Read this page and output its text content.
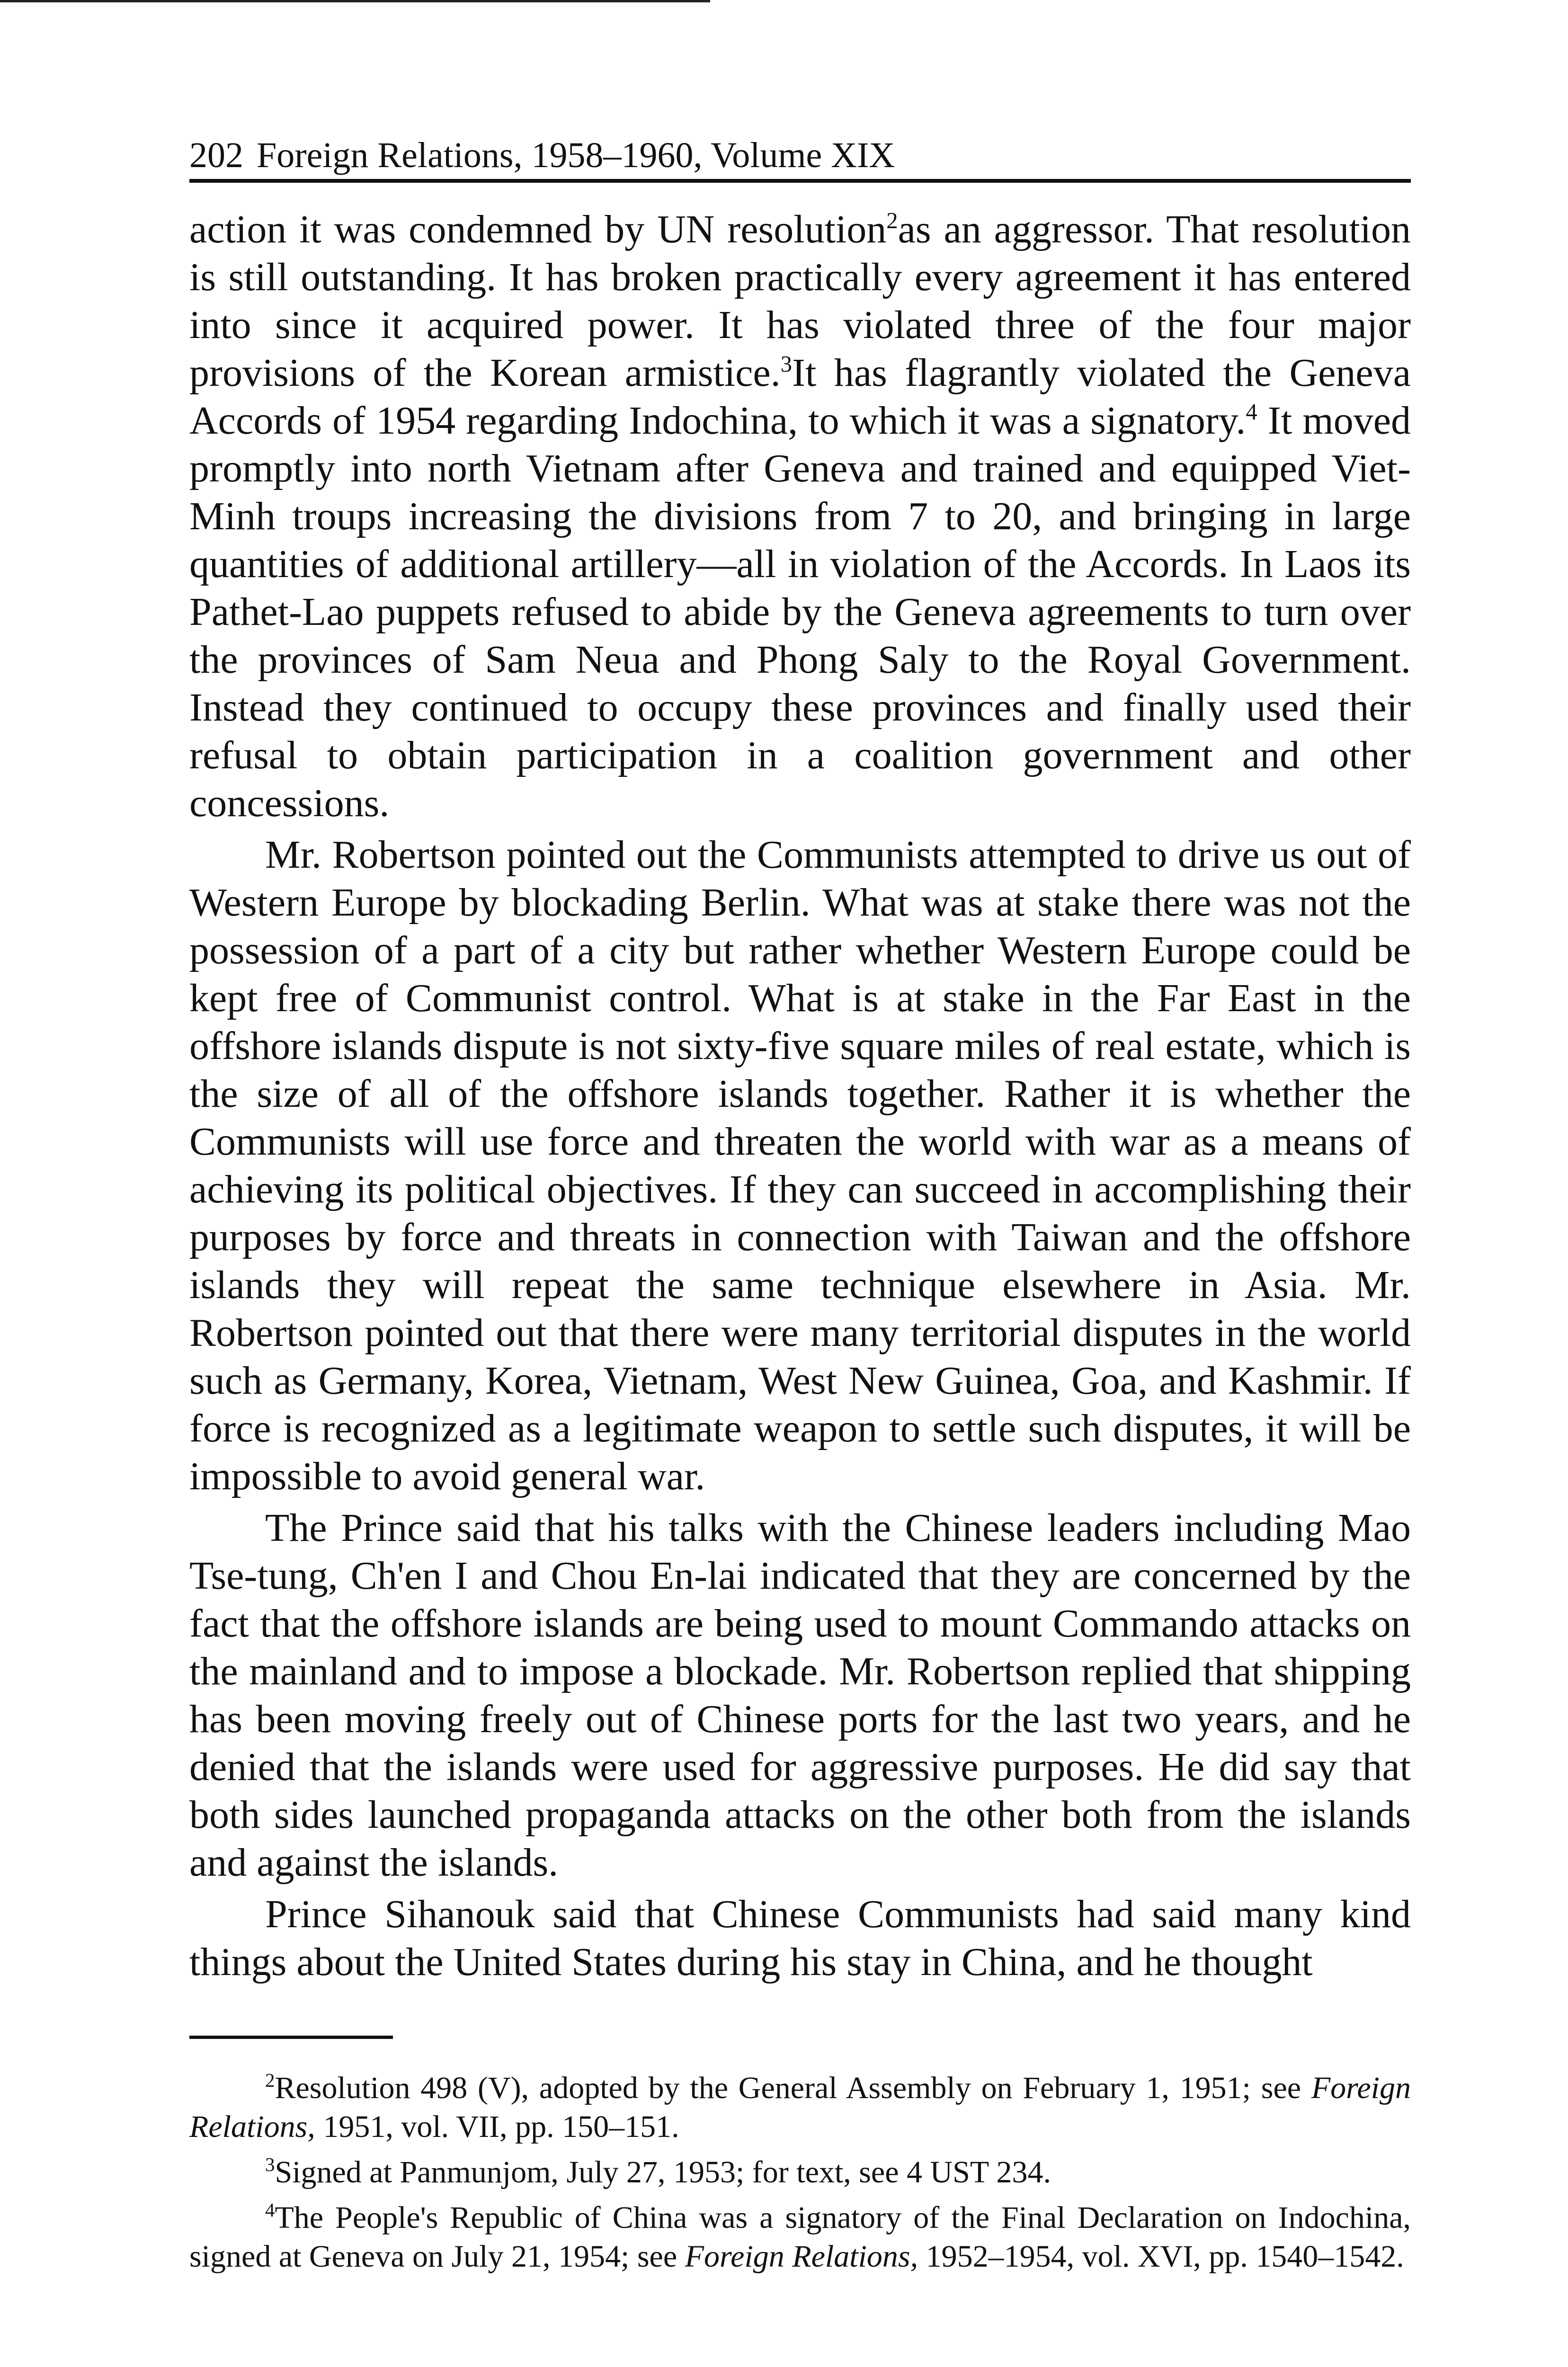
202 Foreign Relations, 1958–1960, Volume XIX

action it was condemned by UN resolution$^2$as an aggressor. That resolution is still outstanding. It has broken practically every agreement it has entered into since it acquired power. It has violated three of the four major provisions of the Korean armistice.$^3$It has flagrantly violated the Geneva Accords of 1954 regarding Indochina, to which it was a signatory.$^4$ It moved promptly into north Vietnam after Geneva and trained and equipped Viet-Minh troups increasing the divisions from 7 to 20, and bringing in large quantities of additional artillery—all in violation of the Accords. In Laos its Pathet-Lao puppets refused to abide by the Geneva agreements to turn over the provinces of Sam Neua and Phong Saly to the Royal Government. Instead they continued to occupy these provinces and finally used their refusal to obtain participation in a coalition government and other concessions.

Mr. Robertson pointed out the Communists attempted to drive us out of Western Europe by blockading Berlin. What was at stake there was not the possession of a part of a city but rather whether Western Europe could be kept free of Communist control. What is at stake in the Far East in the offshore islands dispute is not sixty-five square miles of real estate, which is the size of all of the offshore islands together. Rather it is whether the Communists will use force and threaten the world with war as a means of achieving its political objectives. If they can succeed in accomplishing their purposes by force and threats in connection with Taiwan and the offshore islands they will repeat the same technique elsewhere in Asia. Mr. Robertson pointed out that there were many territorial disputes in the world such as Germany, Korea, Vietnam, West New Guinea, Goa, and Kashmir. If force is recognized as a legitimate weapon to settle such disputes, it will be impossible to avoid general war.

The Prince said that his talks with the Chinese leaders including Mao Tse-tung, Ch'en I and Chou En-lai indicated that they are concerned by the fact that the offshore islands are being used to mount Commando attacks on the mainland and to impose a blockade. Mr. Robertson replied that shipping has been moving freely out of Chinese ports for the last two years, and he denied that the islands were used for aggressive purposes. He did say that both sides launched propaganda attacks on the other both from the islands and against the islands.

Prince Sihanouk said that Chinese Communists had said many kind things about the United States during his stay in China, and he thought

$^2$Resolution 498 (V), adopted by the General Assembly on February 1, 1951; see Foreign Relations, 1951, vol. VII, pp. 150–151.

$^3$Signed at Panmunjom, July 27, 1953; for text, see 4 UST 234.

$^4$The People's Republic of China was a signatory of the Final Declaration on Indochina, signed at Geneva on July 21, 1954; see Foreign Relations, 1952–1954, vol. XVI, pp. 1540–1542.
